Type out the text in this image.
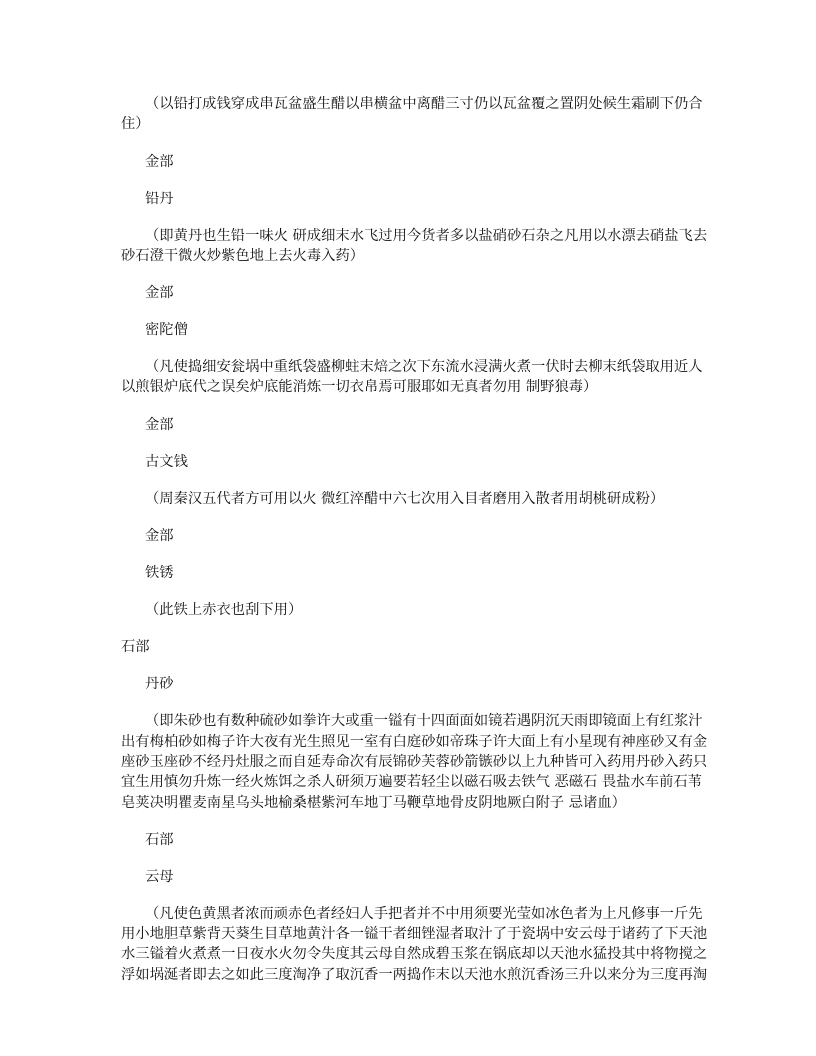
（以铅打成钱穿成串瓦盆盛生醋以串横盆中离醋三寸仍以瓦盆覆之置阴处候生霜刷下仍合
住）
金部
铅丹
（即黄丹也生铅一味火 研成细末水飞过用今货者多以盐硝砂石杂之凡用以水漂去硝盐飞去
砂石澄干微火炒紫色地上去火毒入药）
金部
密陀僧
（凡使捣细安瓮埚中重纸袋盛柳蛀末焙之次下东流水浸满火煮一伏时去柳末纸袋取用近人
以煎银炉底代之误矣炉底能消炼一切衣帛焉可服耶如无真者勿用 制野狼毒）
金部
古文钱
（周秦汉五代者方可用以火 微红淬醋中六七次用入目者磨用入散者用胡桃研成粉）
金部
铁锈
（此铁上赤衣也刮下用）
石部
丹砂
（即朱砂也有数种硫砂如拳许大或重一镒有十四面面如镜若遇阴沉天雨即镜面上有红浆汁
出有梅柏砂如梅子许大夜有光生照见一室有白庭砂如帝珠子许大面上有小星现有神座砂又有金
座砂玉座砂不经丹灶服之而自延寿命次有辰锦砂芙蓉砂箭镞砂以上九种皆可入药用丹砂入药只
宜生用慎勿升炼一经火炼饵之杀人研须万遍要若轻尘以磁石吸去铁气 恶磁石 畏盐水车前石苇
皂荚决明瞿麦南星乌头地榆桑椹紫河车地丁马鞭草地骨皮阴地厥白附子 忌诸血）
石部
云母
（凡使色黄黑者浓而顽赤色者经妇人手把者并不中用须要光莹如冰色者为上凡修事一斤先
用小地胆草紫背天葵生目草地黄汁各一镒干者细锉湿者取汁了于瓷埚中安云母于诸药了下天池
水三镒着火煮煮一日夜水火勿令失度其云母自然成碧玉浆在锅底却以天池水猛投其中将物搅之
浮如埚涎者即去之如此三度淘净了取沉香一两捣作末以天池水煎沉香汤三升以来分为三度再淘
